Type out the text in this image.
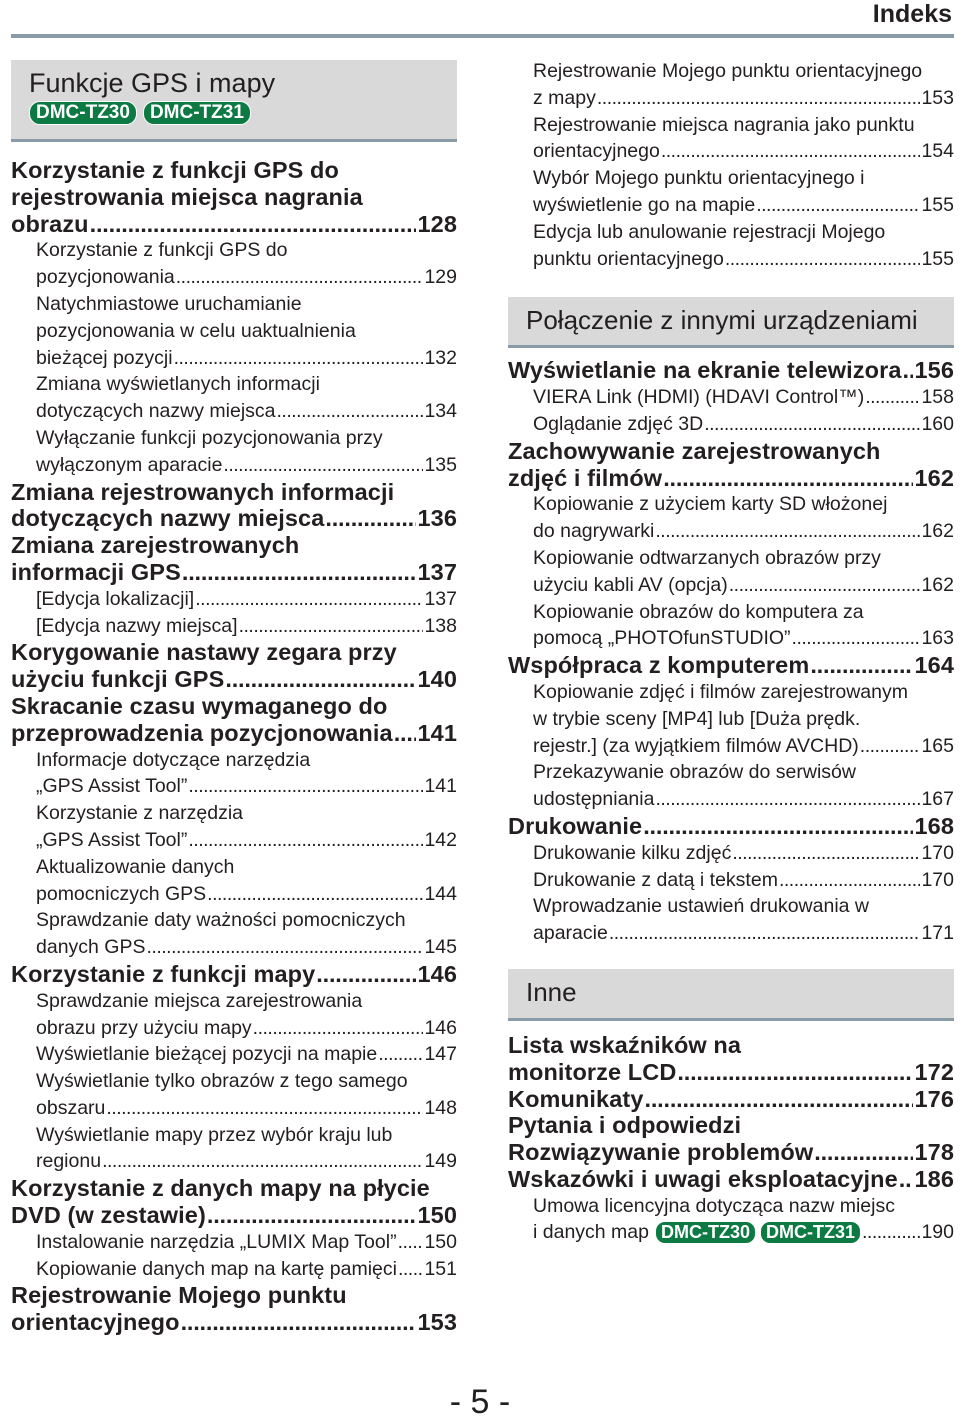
Indeks
Funkcje GPS i mapy
DMC-TZ30	DMC-TZ31
Korzystanie z funkcji GPS do
rejestrowania miejsca nagrania
obrazu .....	128
Korzystanie z funkcji GPS do
pozycjonowania .....	129
Natychmiastowe uruchamianie
pozycjonowania w celu uaktualnienia
bieżącej pozycji .....	132
Zmiana wyświetlanych informacji
dotyczących nazwy miejsca .....	134
Wyłączanie funkcji pozycjonowania przy
wyłączonym aparacie .....	135
Zmiana rejestrowanych informacji
dotyczących nazwy miejsca .....	136
Zmiana zarejestrowanych
informacji GPS .....	137
[Edycja lokalizacji] .....	137
[Edycja nazwy miejsca] .....	138
Korygowanie nastawy zegara przy
użyciu funkcji GPS .....	140
Skracanie czasu wymaganego do
przeprowadzenia pozycjonowania ..... 141
Informacje dotyczące narzędzia
„GPS Assist Tool” .....	141
Korzystanie z narzędzia
„GPS Assist Tool” .....	142
Aktualizowanie danych
pomocniczych GPS .....	144
Sprawdzanie daty ważności pomocniczych
danych GPS .....	145
Korzystanie z funkcji mapy .....	146
Sprawdzanie miejsca zarejestrowania
obrazu przy użyciu mapy .....	146
Wyświetlanie bieżącej pozycji na mapie ..... 147
Wyświetlanie tylko obrazów z tego samego
obszaru .....	148
Wyświetlanie mapy przez wybór kraju lub
regionu .....	149
Korzystanie z danych mapy na płycie
DVD (w zestawie) .....	150
Instalowanie narzędzia „LUMIX Map Tool” ..... 150
Kopiowanie danych map na kartę pamięci ..... 151
Rejestrowanie Mojego punktu
orientacyjnego .....	153
Rejestrowanie Mojego punktu orientacyjnego
z mapy .....	153
Rejestrowanie miejsca nagrania jako punktu
orientacyjnego .....	154
Wybór Mojego punktu orientacyjnego i
wyświetlenie go na mapie .....	155
Edycja lub anulowanie rejestracji Mojego
punktu orientacyjnego .....	155
Połączenie z innymi urządzeniami
Wyświetlanie na ekranie telewizora ..... 156
VIERA Link (HDMI) (HDAVI Control™) .....	158
Oglądanie zdjęć 3D .....	160
Zachowywanie zarejestrowanych
zdjęć i filmów .....	162
Kopiowanie z użyciem karty SD włożonej
do nagrywarki .....	162
Kopiowanie odtwarzanych obrazów przy
użyciu kabli AV (opcja) .....	162
Kopiowanie obrazów do komputera za
pomocą „PHOTOfunSTUDIO” .....	163
Współpraca z komputerem .....	164
Kopiowanie zdjęć i filmów zarejestrowanym
w trybie sceny [MP4] lub [Duża prędk.
rejestr.] (za wyjątkiem filmów AVCHD) .....	165
Przekazywanie obrazów do serwisów
udostępniania .....	167
Drukowanie .....	168
Drukowanie kilku zdjęć .....	170
Drukowanie z datą i tekstem .....	170
Wprowadzanie ustawień drukowania w
aparacie .....	171
Inne
Lista wskaźników na
monitorze LCD .....	172
Komunikaty .....	176
Pytania i odpowiedzi
Rozwiązywanie problemów .....	178
Wskazówki i uwagi eksploatacyjne ..... 186
Umowa licencyjna dotycząca nazw miejsc
i danych map DMC-TZ30 DMC-TZ31 .....	190
- 5 -
